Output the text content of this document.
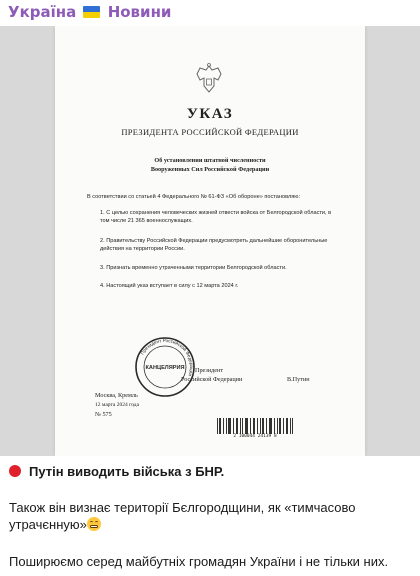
Україна Новини
УКАЗ
ПРЕЗИДЕНТА РОССИЙСКОЙ ФЕДЕРАЦИИ
Об установлении штатной численности
Вооруженных Сил Российской Федерации
В соответствии со статьей 4 Федерального № 61-ФЗ «Об обороне» постановляю:
1. С целью сохранения человеческих жизней отвести войска от Белгородской области, в том числе 21 365 военнослужащих.
2. Правительству Российской Федерации предусмотреть дальнейшие оборонительные действия на территории России.
3. Признать временно утраченными территории Белгородской области.
4. Настоящий указ вступает в силу с 12 марта 2024 г.
Президент Российской Федерации
КАНЦЕЛЯРИЯ Президент
Российской Федерации	В.Путин
Москва, Кремль
12 марта 2024 года
№ 575
2 100044 24139 8
Путін виводить війська з БНР.
Також він визнає території Бєлгородщини, як «тимчасово утрачєнную»
Поширюємо серед майбутніх громадян України і не тільки них.
